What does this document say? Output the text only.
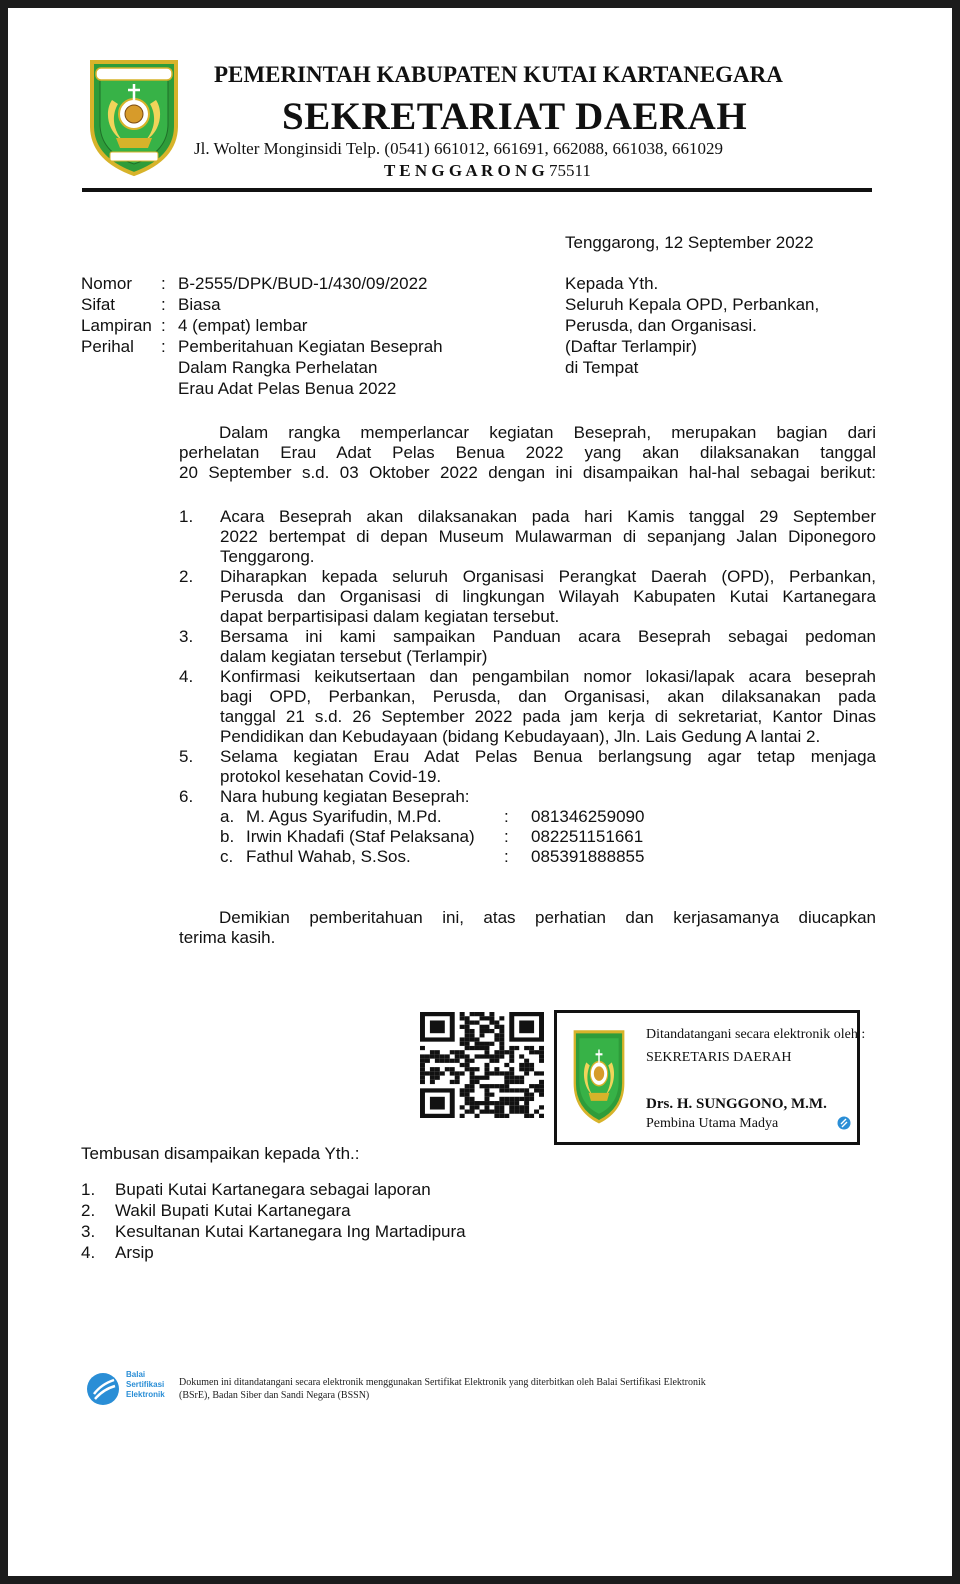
PEMERINTAH KABUPATEN KUTAI KARTANEGARA
SEKRETARIAT DAERAH
Jl. Wolter Monginsidi Telp. (0541) 661012, 661691, 662088, 661038, 661029
T E N G G A R O N G 75511
Tenggarong, 12 September 2022
Nomor : B-2555/DPK/BUD-1/430/09/2022
Sifat	: Biasa
Lampiran : 4 (empat) lembar
Perihal : Pemberitahuan Kegiatan Beseprah
Dalam Rangka Perhelatan
Erau Adat Pelas Benua 2022
Kepada Yth.
Seluruh Kepala OPD, Perbankan,
Perusda, dan Organisasi.
(Daftar Terlampir)
di Tempat
Dalam rangka memperlancar kegiatan Beseprah, merupakan bagian dari
perhelatan Erau Adat Pelas Benua 2022 yang akan dilaksanakan tanggal
20 September s.d. 03 Oktober 2022 dengan ini disampaikan hal-hal sebagai berikut:
1. Acara Beseprah akan dilaksanakan pada hari Kamis tanggal 29 September
2022 bertempat di depan Museum Mulawarman di sepanjang Jalan Diponegoro
Tenggarong.
2. Diharapkan kepada seluruh Organisasi Perangkat Daerah (OPD), Perbankan,
Perusda dan Organisasi di lingkungan Wilayah Kabupaten Kutai Kartanegara
dapat berpartisipasi dalam kegiatan tersebut.
3. Bersama ini kami sampaikan Panduan acara Beseprah sebagai pedoman
dalam kegiatan tersebut (Terlampir)
4. Konfirmasi keikutsertaan dan pengambilan nomor lokasi/lapak acara beseprah
bagi OPD, Perbankan, Perusda, dan Organisasi, akan dilaksanakan pada
tanggal 21 s.d. 26 September 2022 pada jam kerja di sekretariat, Kantor Dinas
Pendidikan dan Kebudayaan (bidang Kebudayaan), Jln. Lais Gedung A lantai 2.
5. Selama kegiatan Erau Adat Pelas Benua berlangsung agar tetap menjaga
protokol kesehatan Covid-19.
6. Nara hubung kegiatan Beseprah:
a. M. Agus Syarifudin, M.Pd.	: 081346259090
b. Irwin Khadafi (Staf Pelaksana) : 082251151661
c. Fathul Wahab, S.Sos.	: 085391888855
Demikian pemberitahuan ini, atas perhatian dan kerjasamanya diucapkan
terima kasih.
Ditandatangani secara elektronik oleh :
SEKRETARIS DAERAH
Drs. H. SUNGGONO, M.M.
Pembina Utama Madya
Tembusan disampaikan kepada Yth.:
1. Bupati Kutai Kartanegara sebagai laporan
2. Wakil Bupati Kutai Kartanegara
3. Kesultanan Kutai Kartanegara Ing Martadipura
4. Arsip
Balai
Sertifikasi
Elektronik
Dokumen ini ditandatangani secara elektronik menggunakan Sertifikat Elektronik yang diterbitkan oleh Balai Sertifikasi Elektronik
(BSrE), Badan Siber dan Sandi Negara (BSSN)
